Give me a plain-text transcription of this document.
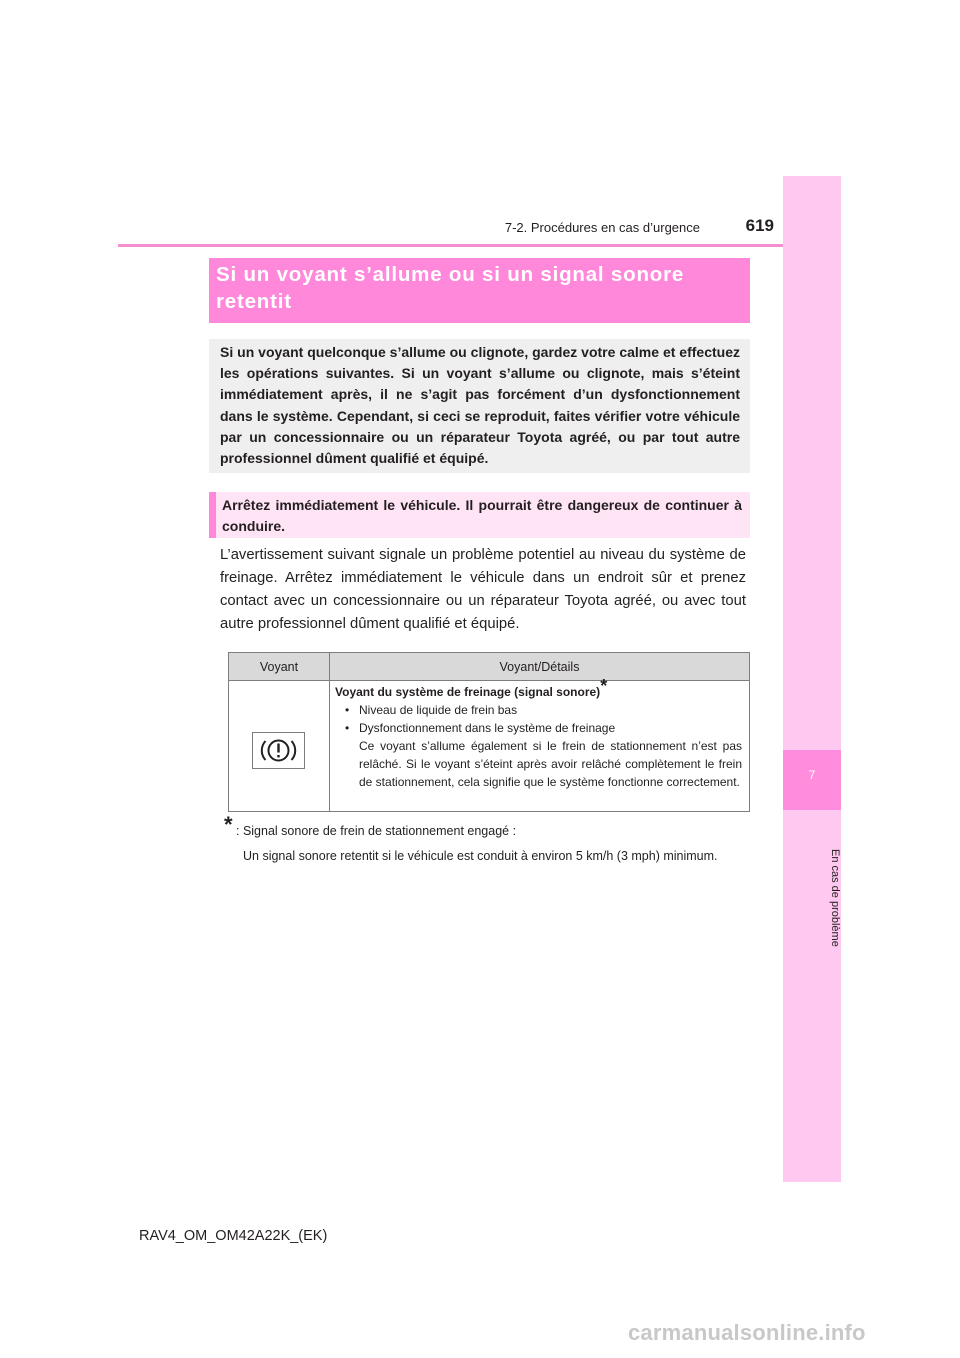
7-2. Procédures en cas d’urgence	619
7
En cas de problème
Si un voyant s’allume ou si un signal sonore retentit
Si un voyant quelconque s’allume ou clignote, gardez votre calme et effectuez les opérations suivantes. Si un voyant s’allume ou clignote, mais s’éteint immédiatement après, il ne s’agit pas forcément d’un dysfonctionnement dans le système. Cependant, si ceci se reproduit, faites vérifier votre véhicule par un concessionnaire ou un réparateur Toyota agréé, ou par tout autre professionnel dûment qualifié et équipé.
Arrêtez immédiatement le véhicule. Il pourrait être dangereux de continuer à conduire.
L’avertissement suivant signale un problème potentiel au niveau du système de freinage. Arrêtez immédiatement le véhicule dans un endroit sûr et prenez contact avec un concessionnaire ou un réparateur Toyota agréé, ou avec tout autre professionnel dûment qualifié et équipé.
Voyant	Voyant/Détails
Voyant du système de freinage (signal sonore)*
• Niveau de liquide de frein bas
• Dysfonctionnement dans le système de freinage
Ce voyant s’allume également si le frein de stationnement n’est pas relâché. Si le voyant s’éteint après avoir relâché complètement le frein de stationnement, cela signifie que le système fonctionne correctement.
* : Signal sonore de frein de stationnement engagé :
Un signal sonore retentit si le véhicule est conduit à environ 5 km/h (3 mph) minimum.
RAV4_OM_OM42A22K_(EK)
carmanualsonline.info
